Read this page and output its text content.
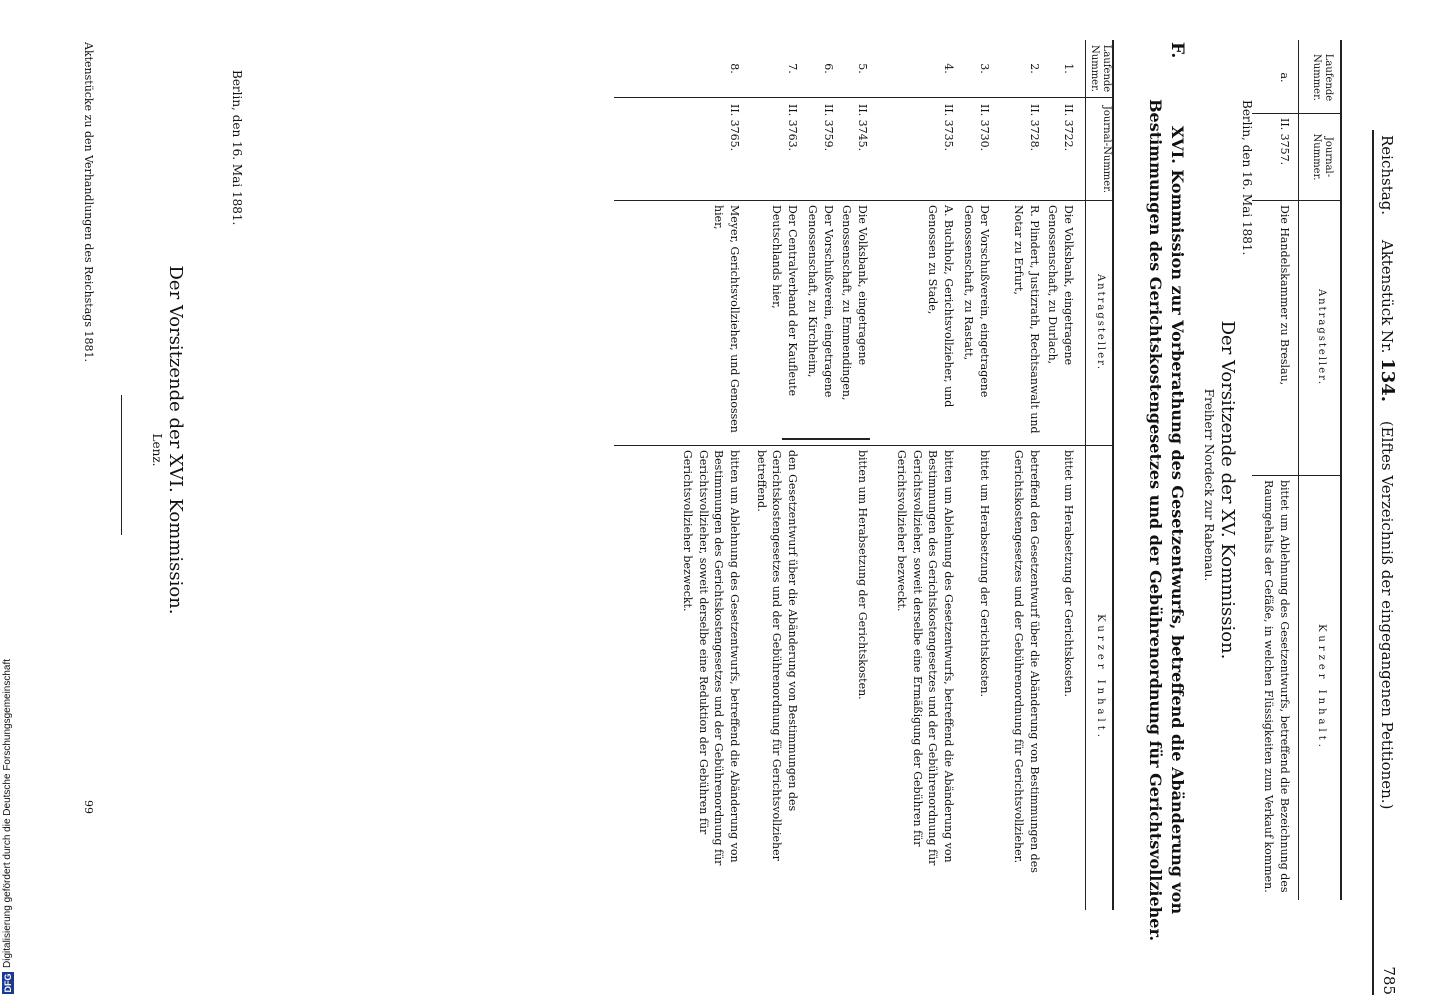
Reichstag. Aktenstück Nr. 134. (Elftes Verzeichniß der eingegangenen Petitionen.)
785
Laufende Nummer.
Journal-Nummer.
Antragsteller.
Kurzer Inhalt.
a.
II. 3757.
Die Handelskammer zu Breslau,
bittet um Ablehnung des Gesetzentwurfs, betreffend die Bezeichnung des Raumgehalts der Gefäße, in welchen Flüssigkeiten zum Verkauf kommen.
Berlin, den 16. Mai 1881.
Der Vorsitzende der XV. Kommission.
Freiherr Nordeck zur Rabenau.
F.
XVI. Kommission zur Vorberathung des Gesetzentwurfs, betreffend die Abänderung von Bestimmungen des Gerichtskostengesetzes und der Gebührenordnung für Gerichtsvollzieher.
Laufende Nummer.
Journal-Nummer.
Antragsteller.
Kurzer Inhalt.
1.
II. 3722.
Die Volksbank, eingetragene Genossenschaft, zu Durlach,
bittet um Herabsetzung der Gerichtskosten.
2.
II. 3728.
R. Plindert, Justizrath, Rechtsanwalt und Notar zu Erfurt,
betreffend den Gesetzentwurf über die Abänderung von Bestimmungen des Gerichtskostengesetzes und der Gebührenordnung für Gerichtsvollzieher.
3.
II. 3730.
Der Vorschußverein, eingetragene Genossenschaft, zu Rastatt,
bittet um Herabsetzung der Gerichtskosten.
4.
II. 3735.
A. Buchholz, Gerichtsvollzieher, und Genossen zu Stade,
bitten um Ablehnung des Gesetzentwurfs, betreffend die Abänderung von Bestimmungen des Gerichtskostengesetzes und der Gebührenordnung für Gerichtsvollzieher, soweit derselbe eine Ermäßigung der Gebühren für Gerichtsvollzieher bezweckt.
5.
II. 3745.
Die Volksbank, eingetragene Genossenschaft, zu Emmendingen,
bitten um Herabsetzung der Gerichtskosten.
6.
II. 3759.
Der Vorschußverein, eingetragene Genossenschaft, zu Kirchheim,
7.
II. 3763.
Der Centralverband der Kaufleute Deutschlands hier,
den Gesetzentwurf über die Abänderung von Bestimmungen des Gerichtskostengesetzes und der Gebührenordnung für Gerichtsvollzieher betreffend.
8.
II. 3765.
Meyer, Gerichtsvollzieher, und Genossen hier,
bitten um Ablehnung des Gesetzentwurfs, betreffend die Abänderung von Bestimmungen des Gerichtskostengesetzes und der Gebührenordnung für Gerichtsvollzieher, soweit derselbe eine Reduktion der Gebühren für Gerichtsvollzieher bezweckt.
Berlin, den 16. Mai 1881.
Der Vorsitzende der XVI. Kommission.
Lenz.
Aktenstücke zu den Verhandlungen des Reichstags 1881.
99
DFG
Digitalisierung gefördert durch die Deutsche Forschungsgemeinschaft
